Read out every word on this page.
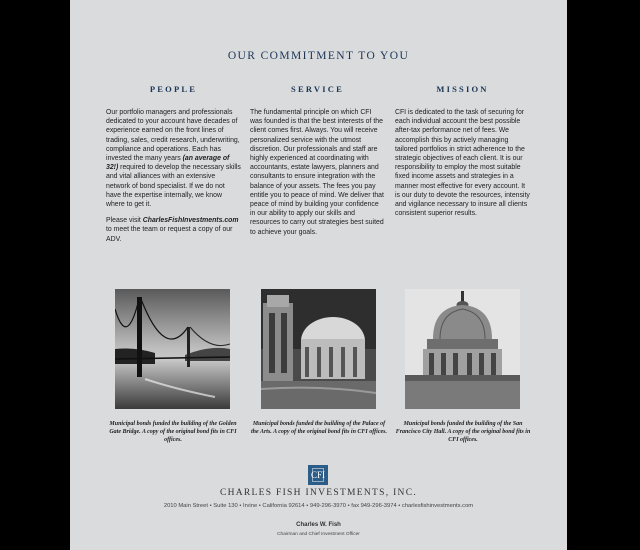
OUR COMMITMENT TO YOU
PEOPLE

Our portfolio managers and professionals dedicated to your account have decades of experience earned on the front lines of trading, sales, credit research, underwriting, compliance and operations. Each has invested the many years (an average of 32!) required to develop the necessary skills and vital alliances with an extensive network of bond specialist. If we do not have the expertise internally, we know where to get it.

Please visit CharlesFishInvestments.com to meet the team or request a copy of our ADV.

SERVICE

The fundamental principle on which CFI was founded is that the best interests of the client comes first. Always. You will receive personalized service with the utmost discretion. Our professionals and staff are highly experienced at coordinating with accountants, estate lawyers, planners and consultants to ensure integration with the balance of your assets. The fees you pay entitle you to peace of mind. We deliver that peace of mind by building your confidence in our ability to apply our skills and resources to carry out strategies best suited to achieve your goals.

MISSION

CFI is dedicated to the task of securing for each individual account the best possible after-tax performance net of fees. We accomplish this by actively managing tailored portfolios in strict adherence to the strategic objectives of each client. It is our responsibility to employ the most suitable fixed income assets and strategies in a manner most effective for every account. It is our duty to devote the resources, intensity and vigilance necessary to insure all clients consistent superior results.

Municipal bonds funded the building of the Golden Gate Bridge. A copy of the original bond fits in CFI offices.

Municipal bonds funded the building of the Palace of the Arts. A copy of the original bond fits in CFI offices.

Municipal bonds funded the building of the San Francisco City Hall. A copy of the original bond fits in CFI offices.

CFI

CHARLES FISH INVESTMENTS, INC.

2010 Main Street • Suite 130 • Irvine • California 92614 • 949-296-3970 • fax 949-296-3974 • charlesfishinvestments.com

Charles W. Fish

Chairman and Chief Investment Officer
